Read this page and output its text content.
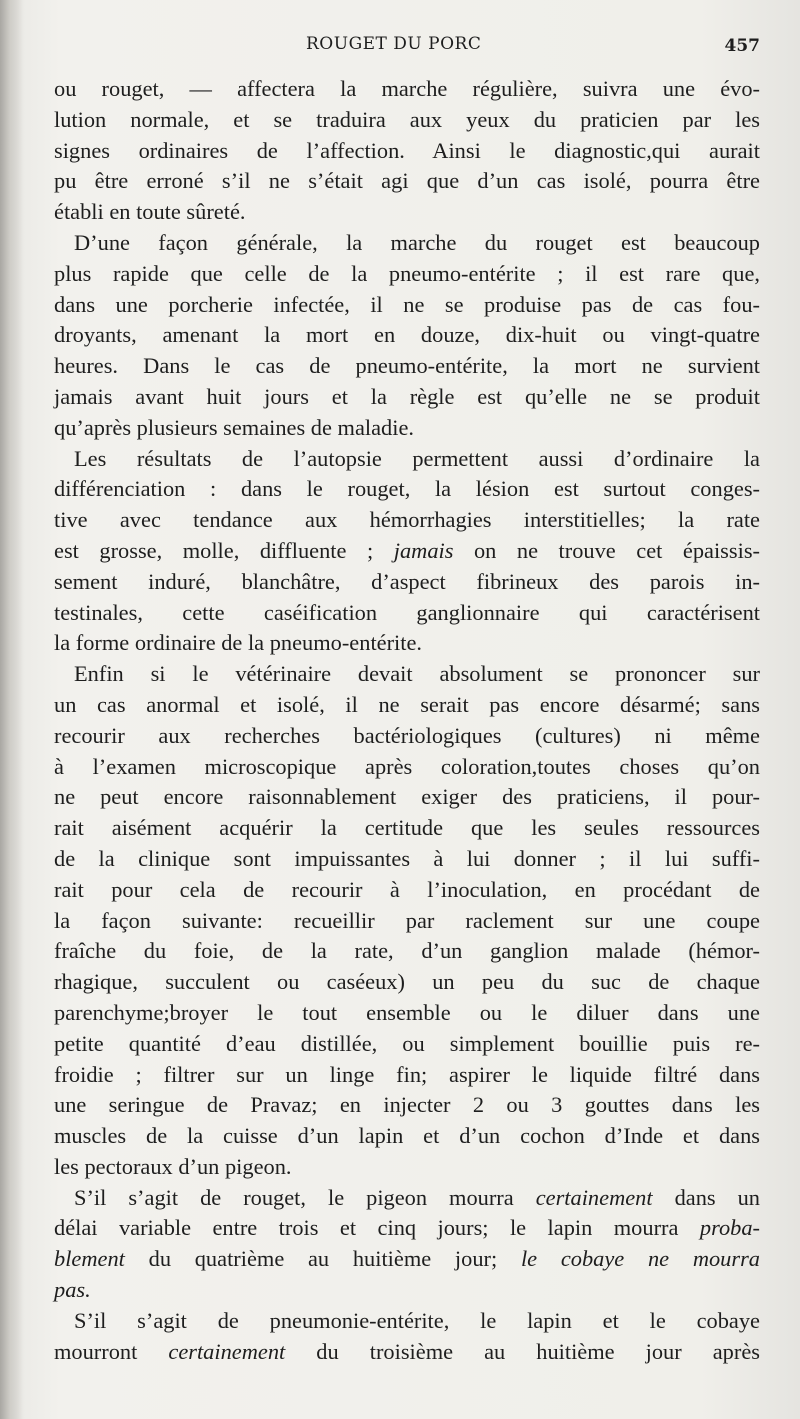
ROUGET DU PORC	457
ou rouget, — affectera la marche régulière, suivra une évo-
lution normale, et se traduira aux yeux du praticien par les
signes ordinaires de l’affection. Ainsi le diagnostic,qui aurait
pu être erroné s’il ne s’était agi que d’un cas isolé, pourra être
établi en toute sûreté.
D’une façon générale, la marche du rouget est beaucoup
plus rapide que celle de la pneumo-entérite ; il est rare que,
dans une porcherie infectée, il ne se produise pas de cas fou-
droyants, amenant la mort en douze, dix-huit ou vingt-quatre
heures. Dans le cas de pneumo-entérite, la mort ne survient
jamais avant huit jours et la règle est qu’elle ne se produit
qu’après plusieurs semaines de maladie.
Les résultats de l’autopsie permettent aussi d’ordinaire la
différenciation : dans le rouget, la lésion est surtout conges-
tive avec tendance aux hémorrhagies interstitielles; la rate
est grosse, molle, diffluente ; jamais on ne trouve cet épaissis-
sement induré, blanchâtre, d’aspect fibrineux des parois in-
testinales, cette caséification ganglionnaire qui caractérisent
la forme ordinaire de la pneumo-entérite.
Enfin si le vétérinaire devait absolument se prononcer sur
un cas anormal et isolé, il ne serait pas encore désarmé; sans
recourir aux recherches bactériologiques (cultures) ni même
à l’examen microscopique après coloration,toutes choses qu’on
ne peut encore raisonnablement exiger des praticiens, il pour-
rait aisément acquérir la certitude que les seules ressources
de la clinique sont impuissantes à lui donner ; il lui suffi-
rait pour cela de recourir à l’inoculation, en procédant de
la façon suivante: recueillir par raclement sur une coupe
fraîche du foie, de la rate, d’un ganglion malade (hémor-
rhagique, succulent ou caséeux) un peu du suc de chaque
parenchyme;broyer le tout ensemble ou le diluer dans une
petite quantité d’eau distillée, ou simplement bouillie puis re-
froidie ; filtrer sur un linge fin; aspirer le liquide filtré dans
une seringue de Pravaz; en injecter 2 ou 3 gouttes dans les
muscles de la cuisse d’un lapin et d’un cochon d’Inde et dans
les pectoraux d’un pigeon.
S’il s’agit de rouget, le pigeon mourra certainement dans un
délai variable entre trois et cinq jours; le lapin mourra proba-
blement du quatrième au huitième jour; le cobaye ne mourra
pas.
S’il s’agit de pneumonie-entérite, le lapin et le cobaye
mourront certainement du troisième au huitième jour après
